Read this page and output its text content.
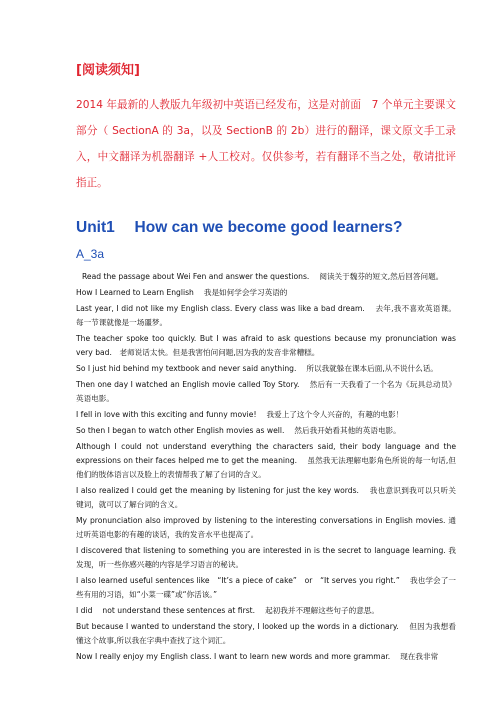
[阅读须知]

2014 年最新的人教版九年级初中英语已经发布，这是对前面　7 个单元主要课文部分（ SectionA 的 3a，以及 SectionB 的 2b）进行的翻译，课文原文手工录入，中文翻译为机器翻译 +人工校对。仅供参考，若有翻译不当之处，敬请批评指正。

Unit1　 How can we become good learners?
A_3a

Read the passage about Wei Fen and answer the questions.　 阅读关于魏芬的短文,然后回答问题。

How I Learned to Learn English　 我是如何学会学习英语的

Last year, I did not like my English class. Every class was like a bad dream.　 去年,我不喜欢英语课。每一节课就像是一场噩梦。

The teacher spoke too quickly. But I was afraid to ask questions because my pronunciation was very bad.　老师说话太快。但是我害怕问问题,因为我的发音非常糟糕。

So I just hid behind my textbook and never said anything.　 所以我就躲在课本后面,从不说什么话。

Then one day I watched an English movie called Toy Story.　 然后有一天我看了一个名为《玩具总动员》英语电影。

I fell in love with this exciting and funny movie!　 我爱上了这个令人兴奋的，有趣的电影！

So then I began to watch other English movies as well.　 然后我开始看其他的英语电影。

Although I could not understand everything the characters said, their body language and the expressions on their faces helped me to get the meaning.　 虽然我无法理解电影角色所说的每一句话,但他们的肢体语言以及脸上的表情帮我了解了台词的含义。

I also realized I could get the meaning by listening for just the key words.　 我也意识到我可以只听关键词，就可以了解台词的含义。

My pronunciation also improved by listening to the interesting conversations in English movies. 通过听英语电影的有趣的谈话，我的发音水平也提高了。

I discovered that listening to something you are interested in is the secret to language learning. 我发现，听一些你感兴趣的内容是学习语言的秘诀。

I also learned useful sentences like　“It’s a piece of cake”　or　“It serves you right.”　 我也学会了一些有用的习语，如“小菜一碟”或“你活该。”

I did　 not understand these sentences at first.　 起初我并不理解这些句子的意思。

But because I wanted to understand the story, I looked up the words in a dictionary.　 但因为我想看懂这个故事,所以我在字典中查找了这个词汇。

Now I really enjoy my English class. I want to learn new words and more grammar.　 现在我非常
